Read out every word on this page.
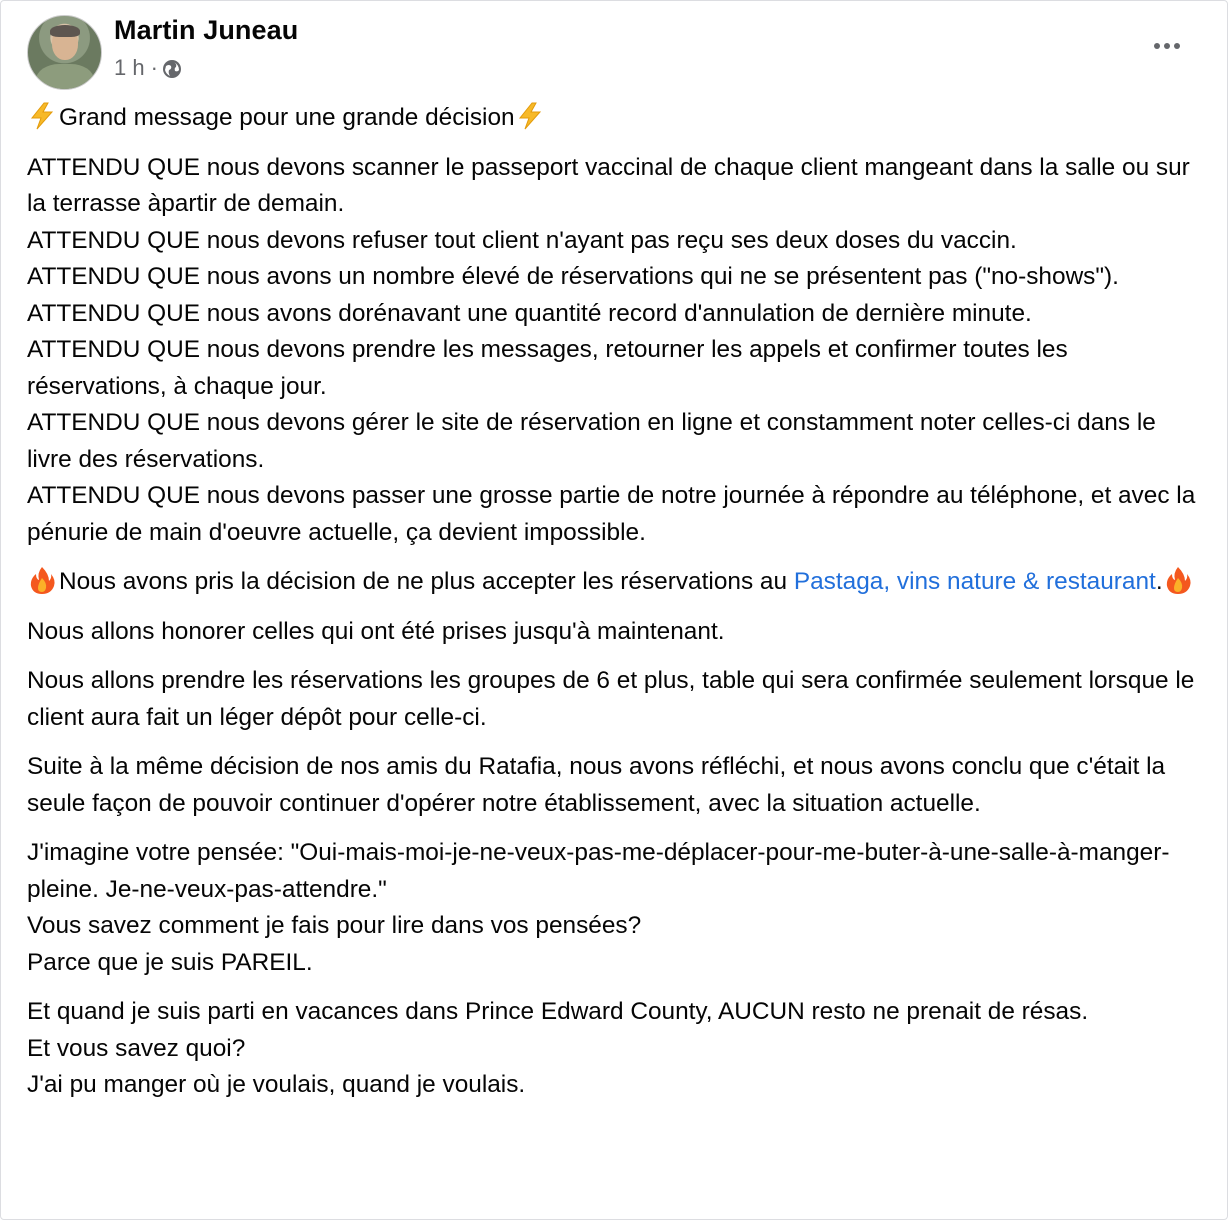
Martin Juneau
1 h ·

Grand message pour une grande décision

ATTENDU QUE nous devons scanner le passeport vaccinal de chaque client mangeant dans la salle ou sur la terrasse àpartir de demain.
ATTENDU QUE nous devons refuser tout client n'ayant pas reçu ses deux doses du vaccin.
ATTENDU QUE nous avons un nombre élevé de réservations qui ne se présentent pas ("no-shows").
ATTENDU QUE nous avons dorénavant une quantité record d'annulation de dernière minute.
ATTENDU QUE nous devons prendre les messages, retourner les appels et confirmer toutes les réservations, à chaque jour.
ATTENDU QUE nous devons gérer le site de réservation en ligne et constamment noter celles-ci dans le livre des réservations.
ATTENDU QUE nous devons passer une grosse partie de notre journée à répondre au téléphone, et avec la pénurie de main d'oeuvre actuelle, ça devient impossible.

Nous avons pris la décision de ne plus accepter les réservations au Pastaga, vins nature & restaurant.

Nous allons honorer celles qui ont été prises jusqu'à maintenant.

Nous allons prendre les réservations les groupes de 6 et plus, table qui sera confirmée seulement lorsque le client aura fait un léger dépôt pour celle-ci.

Suite à la même décision de nos amis du Ratafia, nous avons réfléchi, et nous avons conclu que c'était la seule façon de pouvoir continuer d'opérer notre établissement, avec la situation actuelle.

J'imagine votre pensée: "Oui-mais-moi-je-ne-veux-pas-me-déplacer-pour-me-buter-à-une-salle-à-manger-pleine. Je-ne-veux-pas-attendre."
Vous savez comment je fais pour lire dans vos pensées?
Parce que je suis PAREIL.

Et quand je suis parti en vacances dans Prince Edward County, AUCUN resto ne prenait de résas.
Et vous savez quoi?
J'ai pu manger où je voulais, quand je voulais.
